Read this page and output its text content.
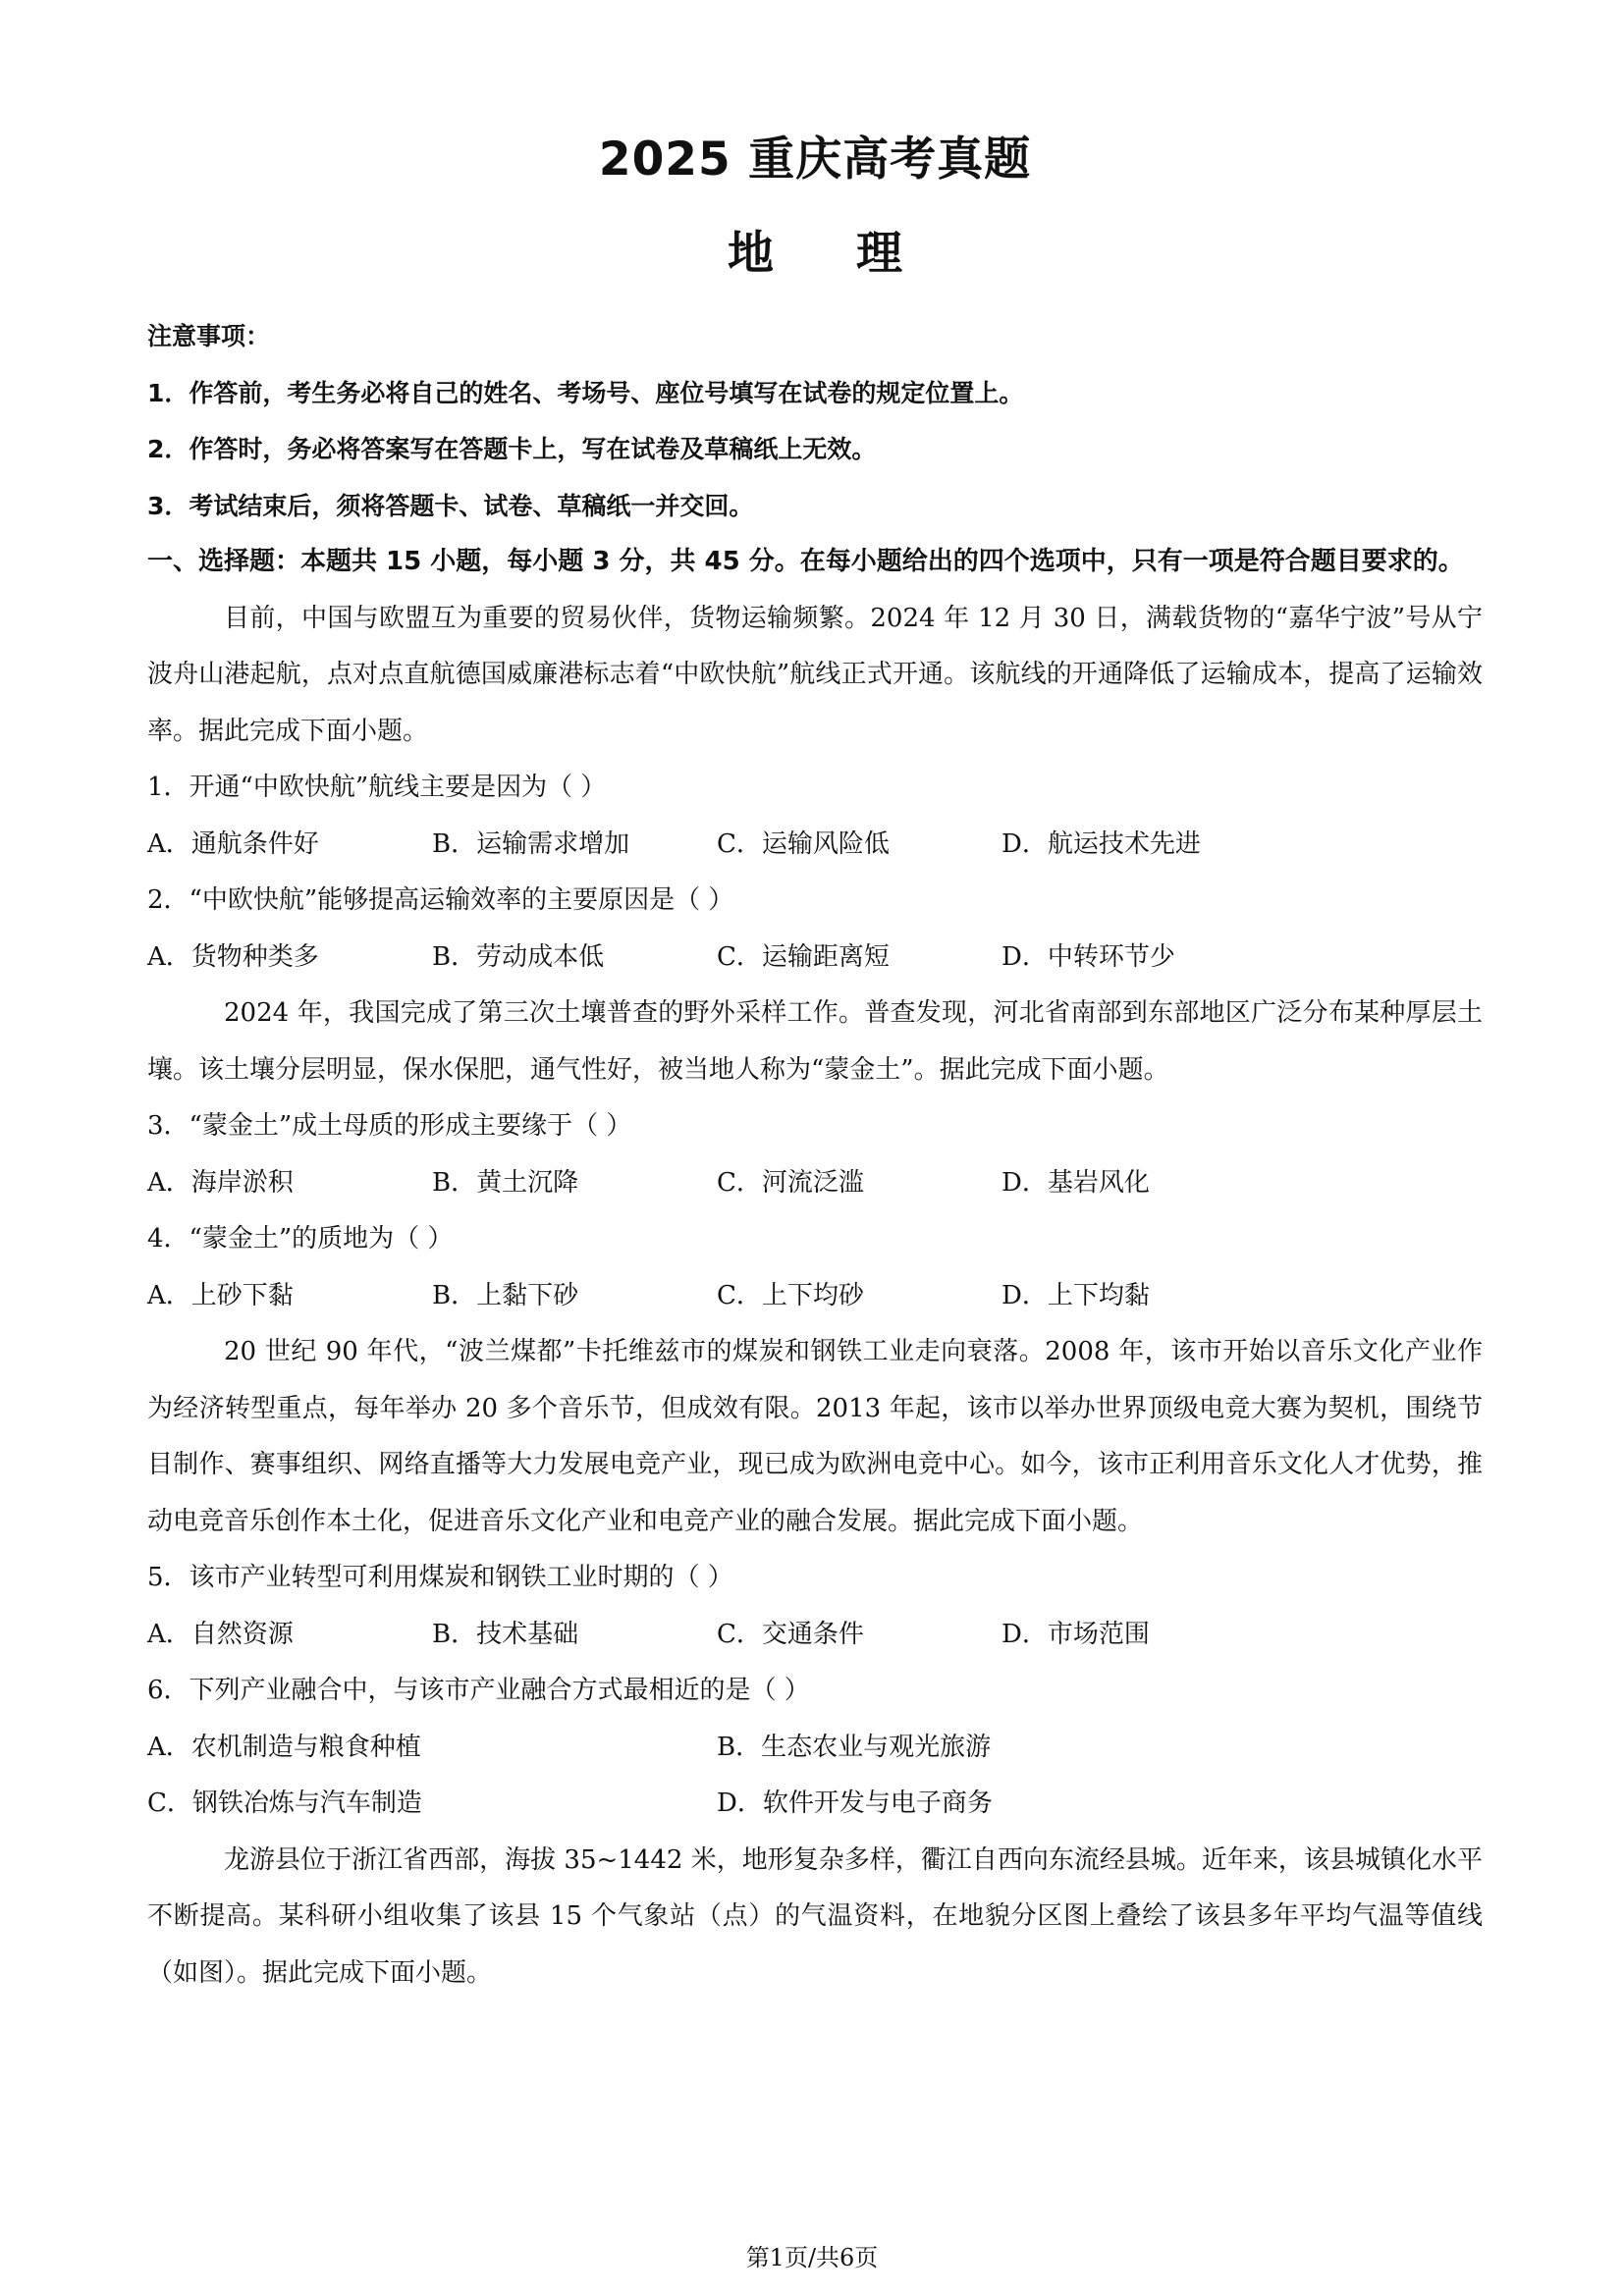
2025 重庆高考真题
地 理

注意事项：

1．作答前，考生务必将自己的姓名、考场号、座位号填写在试卷的规定位置上。

2．作答时，务必将答案写在答题卡上，写在试卷及草稿纸上无效。

3．考试结束后，须将答题卡、试卷、草稿纸一并交回。

一、选择题：本题共 15 小题，每小题 3 分，共 45 分。在每小题给出的四个选项中，只有一项是符合题目要求的。

目前，中国与欧盟互为重要的贸易伙伴，货物运输频繁。2024 年 12 月 30 日，满载货物的“嘉华宁波”号从宁波舟山港起航，点对点直航德国威廉港标志着“中欧快航”航线正式开通。该航线的开通降低了运输成本，提高了运输效率。据此完成下面小题。

1．开通“中欧快航”航线主要是因为（ ）

A．通航条件好	B．运输需求增加	C．运输风险低	D．航运技术先进

2．“中欧快航”能够提高运输效率的主要原因是（ ）

A．货物种类多	B．劳动成本低	C．运输距离短	D．中转环节少

2024 年，我国完成了第三次土壤普查的野外采样工作。普查发现，河北省南部到东部地区广泛分布某种厚层土壤。该土壤分层明显，保水保肥，通气性好，被当地人称为“蒙金土”。据此完成下面小题。

3．“蒙金土”成土母质的形成主要缘于（ ）

A．海岸淤积	B．黄土沉降	C．河流泛滥	D．基岩风化

4．“蒙金土”的质地为（ ）

A．上砂下黏	B．上黏下砂	C．上下均砂	D．上下均黏

20 世纪 90 年代，“波兰煤都”卡托维兹市的煤炭和钢铁工业走向衰落。2008 年，该市开始以音乐文化产业作为经济转型重点，每年举办 20 多个音乐节，但成效有限。2013 年起，该市以举办世界顶级电竞大赛为契机，围绕节目制作、赛事组织、网络直播等大力发展电竞产业，现已成为欧洲电竞中心。如今，该市正利用音乐文化人才优势，推动电竞音乐创作本土化，促进音乐文化产业和电竞产业的融合发展。据此完成下面小题。

5．该市产业转型可利用煤炭和钢铁工业时期的（ ）

A．自然资源	B．技术基础	C．交通条件	D．市场范围

6．下列产业融合中，与该市产业融合方式最相近的是（ ）

A．农机制造与粮食种植	B．生态农业与观光旅游
C．钢铁冶炼与汽车制造	D．软件开发与电子商务

龙游县位于浙江省西部，海拔 35~1442 米，地形复杂多样，衢江自西向东流经县城。近年来，该县城镇化水平不断提高。某科研小组收集了该县 15 个气象站（点）的气温资料，在地貌分区图上叠绘了该县多年平均气温等值线（如图）。据此完成下面小题。

第1页/共6页
